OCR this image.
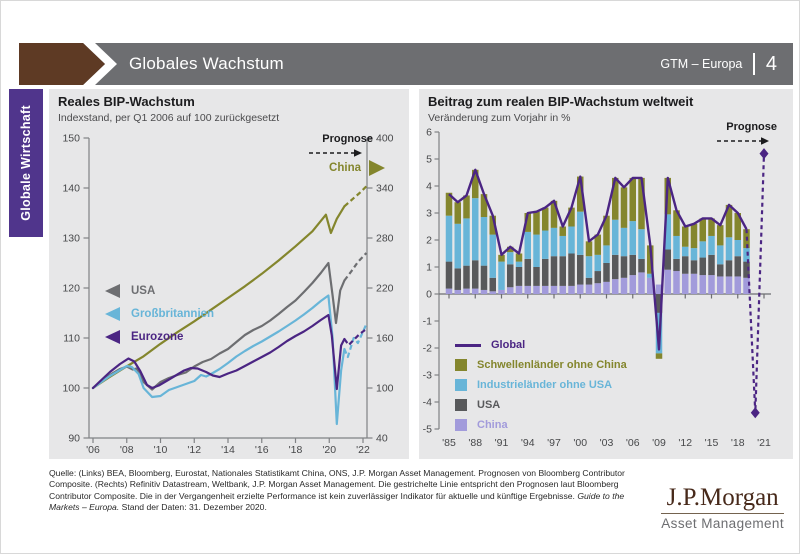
Globales Wachstum	GTM – Europa 4
Globale Wirtschaft
Reales BIP-Wachstum
Indexstand, per Q1 2006 auf 100 zurückgesetzt
150
140
130
120
110
100
90
400
340
280
220
160
100
40
'06 '08 '10 '12 '14 '16 '18 '20 '22
Prognose
China
USA
Großbritannien
Eurozone
Beitrag zum realen BIP-Wachstum weltweit
Veränderung zum Vorjahr in %
6
5
4
3
2
1
0
-1
-2
-3
-4
-5
'85 '88 '91 '94 '97 '00 '03 '06 '09 '12 '15 '18 '21
Prognose
Global
Schwellenländer ohne China
Industrieländer ohne USA
USA
China
Quelle: (Links) BEA, Bloomberg, Eurostat, Nationales Statistikamt China, ONS, J.P. Morgan Asset Management. Prognosen von Bloomberg Contributor Composite. (Rechts) Refinitiv Datastream, Weltbank, J.P. Morgan Asset Management. Die gestrichelte Linie entspricht den Prognosen laut Bloomberg Contributor Composite. Die in der Vergangenheit erzielte Performance ist kein zuverlässiger Indikator für aktuelle und künftige Ergebnisse. Guide to the Markets – Europa. Stand der Daten: 31. Dezember 2020.	J.P.Morgan
Asset Management
